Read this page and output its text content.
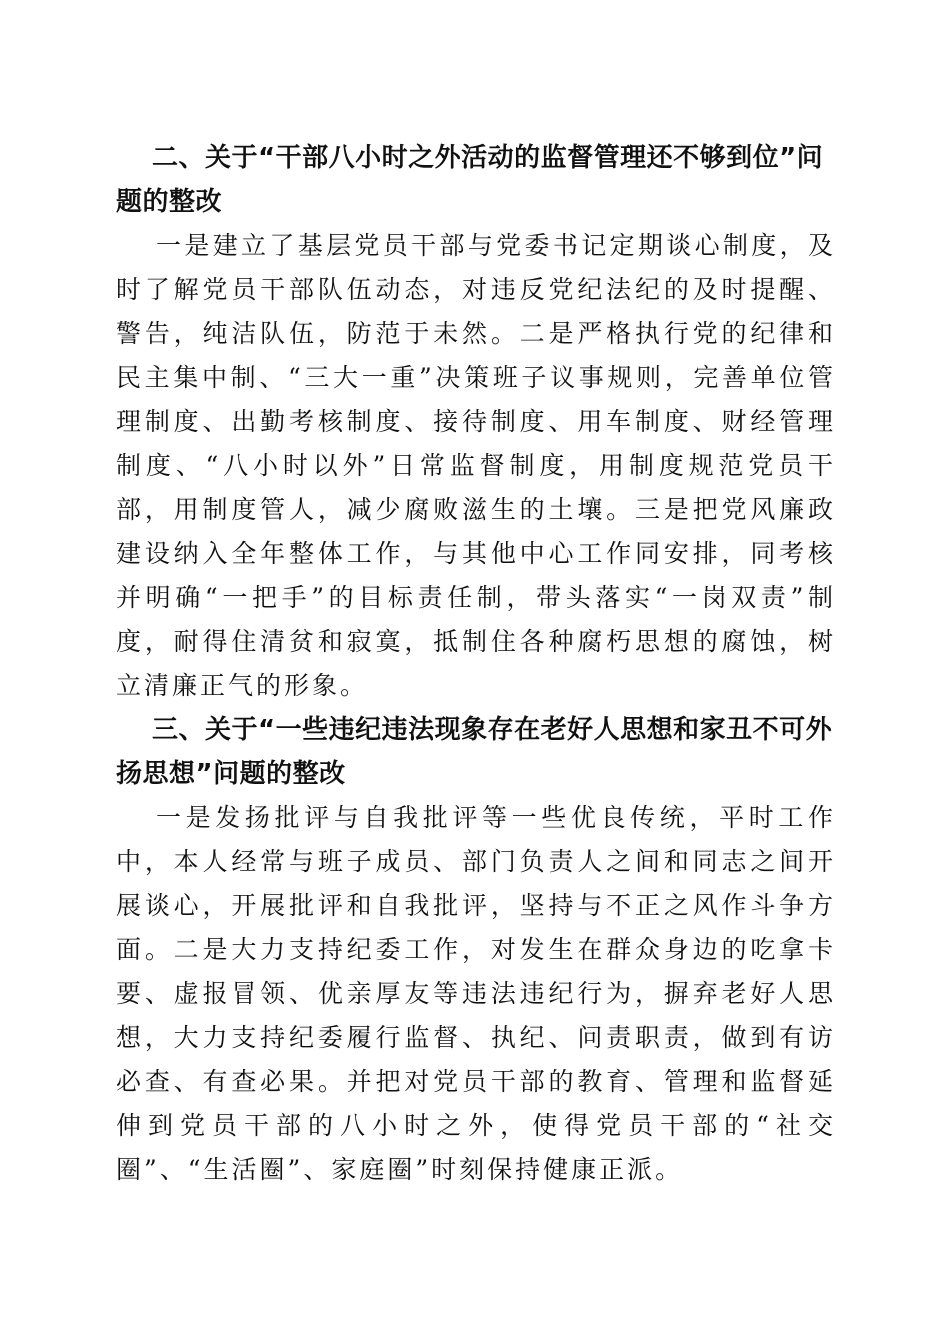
二、关于“干部八小时之外活动的监督管理还不够到位”问题的整改

一是建立了基层党员干部与党委书记定期谈心制度，及时了解党员干部队伍动态，对违反党纪法纪的及时提醒、警告，纯洁队伍，防范于未然。二是严格执行党的纪律和民主集中制、“三大一重”决策班子议事规则，完善单位管理制度、出勤考核制度、接待制度、用车制度、财经管理制度、“八小时以外”日常监督制度，用制度规范党员干部，用制度管人，减少腐败滋生的土壤。三是把党风廉政建设纳入全年整体工作，与其他中心工作同安排，同考核并明确“一把手”的目标责任制，带头落实“一岗双责”制度，耐得住清贫和寂寞，抵制住各种腐朽思想的腐蚀，树立清廉正气的形象。

三、关于“一些违纪违法现象存在老好人思想和家丑不可外扬思想”问题的整改

一是发扬批评与自我批评等一些优良传统，平时工作中，本人经常与班子成员、部门负责人之间和同志之间开展谈心，开展批评和自我批评，坚持与不正之风作斗争方面。二是大力支持纪委工作，对发生在群众身边的吃拿卡要、虚报冒领、优亲厚友等违法违纪行为，摒弃老好人思想，大力支持纪委履行监督、执纪、问责职责，做到有访必查、有查必果。并把对党员干部的教育、管理和监督延伸到党员干部的八小时之外，使得党员干部的“社交圈”、“生活圈”、家庭圈”时刻保持健康正派。
